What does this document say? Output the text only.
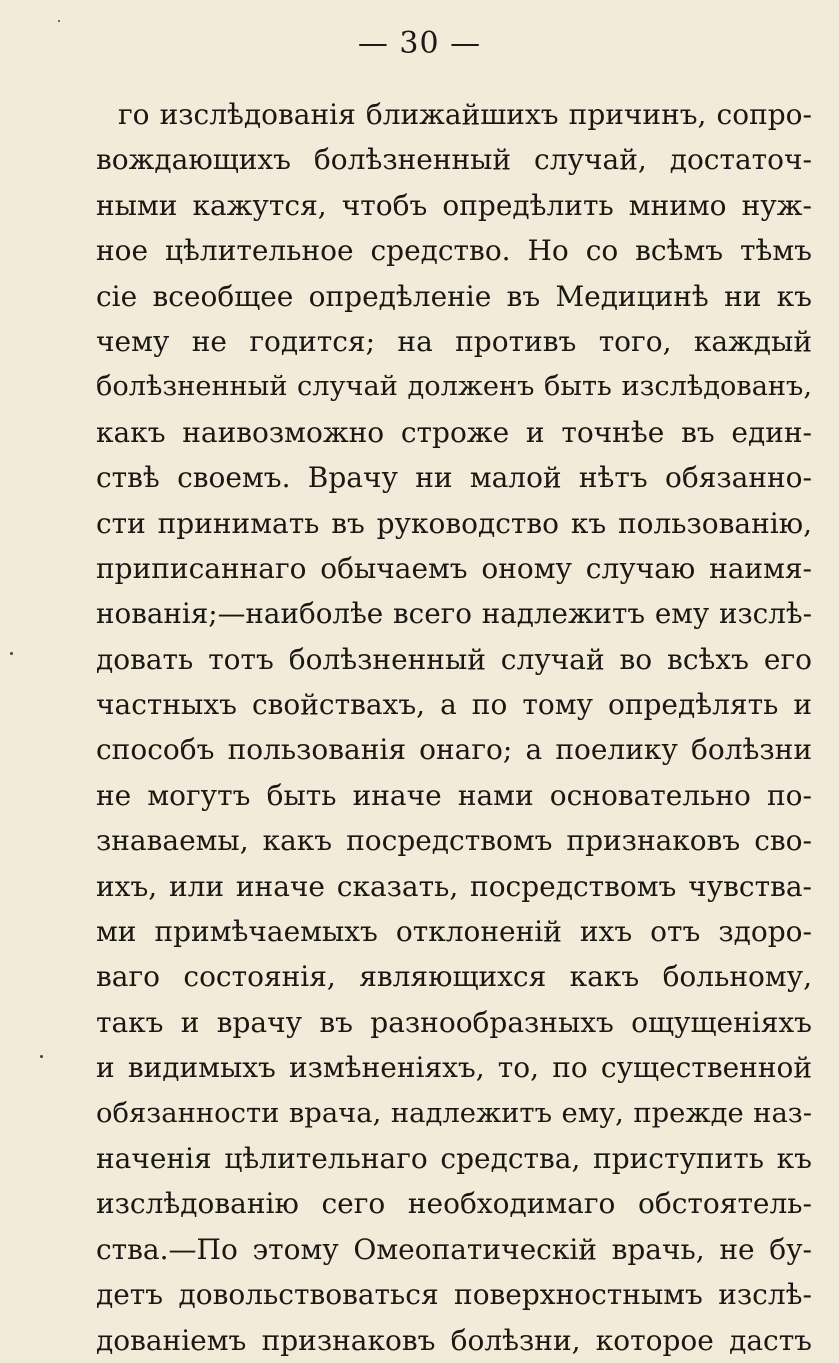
— 30 —
го изслѣдованія ближайшихъ причинъ, сопро-
вождающихъ болѣзненный случай, достаточ-
ными кажутся, чтобъ опредѣлить мнимо нуж-
ное цѣлительное средство. Но со всѣмъ тѣмъ
сіе всеобщее опредѣленіе въ Медицинѣ ни къ
чему не годится; на противъ того, каждый
болѣзненный случай долженъ быть изслѣдованъ,
какъ наивозможно строже и точнѣе въ един-
ствѣ своемъ. Врачу ни малой нѣтъ обязанно-
сти принимать въ руководство къ пользованію,
приписаннаго обычаемъ оному случаю наимя-
нованія;—наиболѣе всего надлежитъ ему изслѣ-
довать тотъ болѣзненный случай во всѣхъ его
частныхъ свойствахъ, а по тому опредѣлять и
способъ пользованія онаго; а поелику болѣзни
не могутъ быть иначе нами основательно по-
знаваемы, какъ посредствомъ признаковъ сво-
ихъ, или иначе сказать, посредствомъ чувства-
ми примѣчаемыхъ отклоненій ихъ отъ здоро-
ваго состоянія, являющихся какъ больному,
такъ и врачу въ разнообразныхъ ощущеніяхъ
и видимыхъ измѣненіяхъ, то, по существенной
обязанности врача, надлежитъ ему, прежде наз-
наченія цѣлительнаго средства, приступить къ
изслѣдованію сего необходимаго обстоятель-
ства.—По этому Омеопатическій врачь, не бу-
детъ довольствоваться поверхностнымъ изслѣ-
дованіемъ признаковъ болѣзни, которое дастъ
